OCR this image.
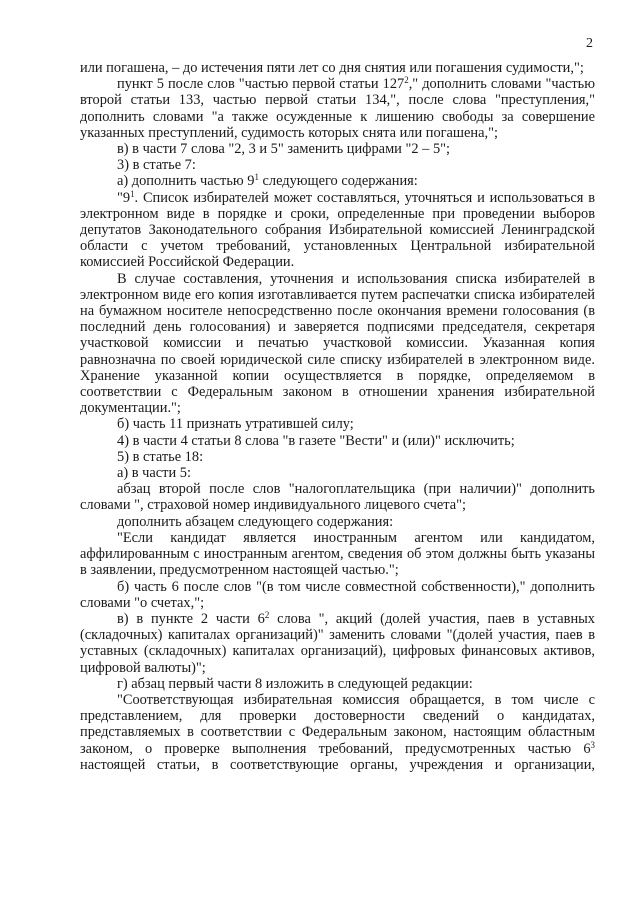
2

или погашена, – до истечения пяти лет со дня снятия или погашения судимости,";

пункт 5 после слов "частью первой статьи $127^2$," дополнить словами "частью второй статьи 133, частью первой статьи 134,", после слова "преступления," дополнить словами "а также осужденные к лишению свободы за совершение указанных преступлений, судимость которых снята или погашена,";

в) в части 7 слова "2, 3 и 5" заменить цифрами "2 – 5";

3) в статье 7:

а) дополнить частью $9^1$ следующего содержания:

"$9^1$. Список избирателей может составляться, уточняться и использоваться в электронном виде в порядке и сроки, определенные при проведении выборов депутатов Законодательного собрания Избирательной комиссией Ленинградской области с учетом требований, установленных Центральной избирательной комиссией Российской Федерации.

В случае составления, уточнения и использования списка избирателей в электронном виде его копия изготавливается путем распечатки списка избирателей на бумажном носителе непосредственно после окончания времени голосования (в последний день голосования) и заверяется подписями председателя, секретаря участковой комиссии и печатью участковой комиссии. Указанная копия равнозначна по своей юридической силе списку избирателей в электронном виде. Хранение указанной копии осуществляется в порядке, определяемом в соответствии с Федеральным законом в отношении хранения избирательной документации.";

б) часть 11 признать утратившей силу;

4) в части 4 статьи 8 слова "в газете "Вести" и (или)" исключить;

5) в статье 18:

а) в части 5:

абзац второй после слов "налогоплательщика (при наличии)" дополнить словами ", страховой номер индивидуального лицевого счета";

дополнить абзацем следующего содержания:

"Если кандидат является иностранным агентом или кандидатом, аффилированным с иностранным агентом, сведения об этом должны быть указаны в заявлении, предусмотренном настоящей частью.";

б) часть 6 после слов "(в том числе совместной собственности)," дополнить словами "о счетах,";

в) в пункте 2 части $6^2$ слова ", акций (долей участия, паев в уставных (складочных) капиталах организаций)" заменить словами "(долей участия, паев в уставных (складочных) капиталах организаций), цифровых финансовых активов, цифровой валюты)";

г) абзац первый части 8 изложить в следующей редакции:

"Соответствующая избирательная комиссия обращается, в том числе с представлением, для проверки достоверности сведений о кандидатах, представляемых в соответствии с Федеральным законом, настоящим областным законом, о проверке выполнения требований, предусмотренных частью $6^3$ настоящей статьи, в соответствующие органы, учреждения и организации,
